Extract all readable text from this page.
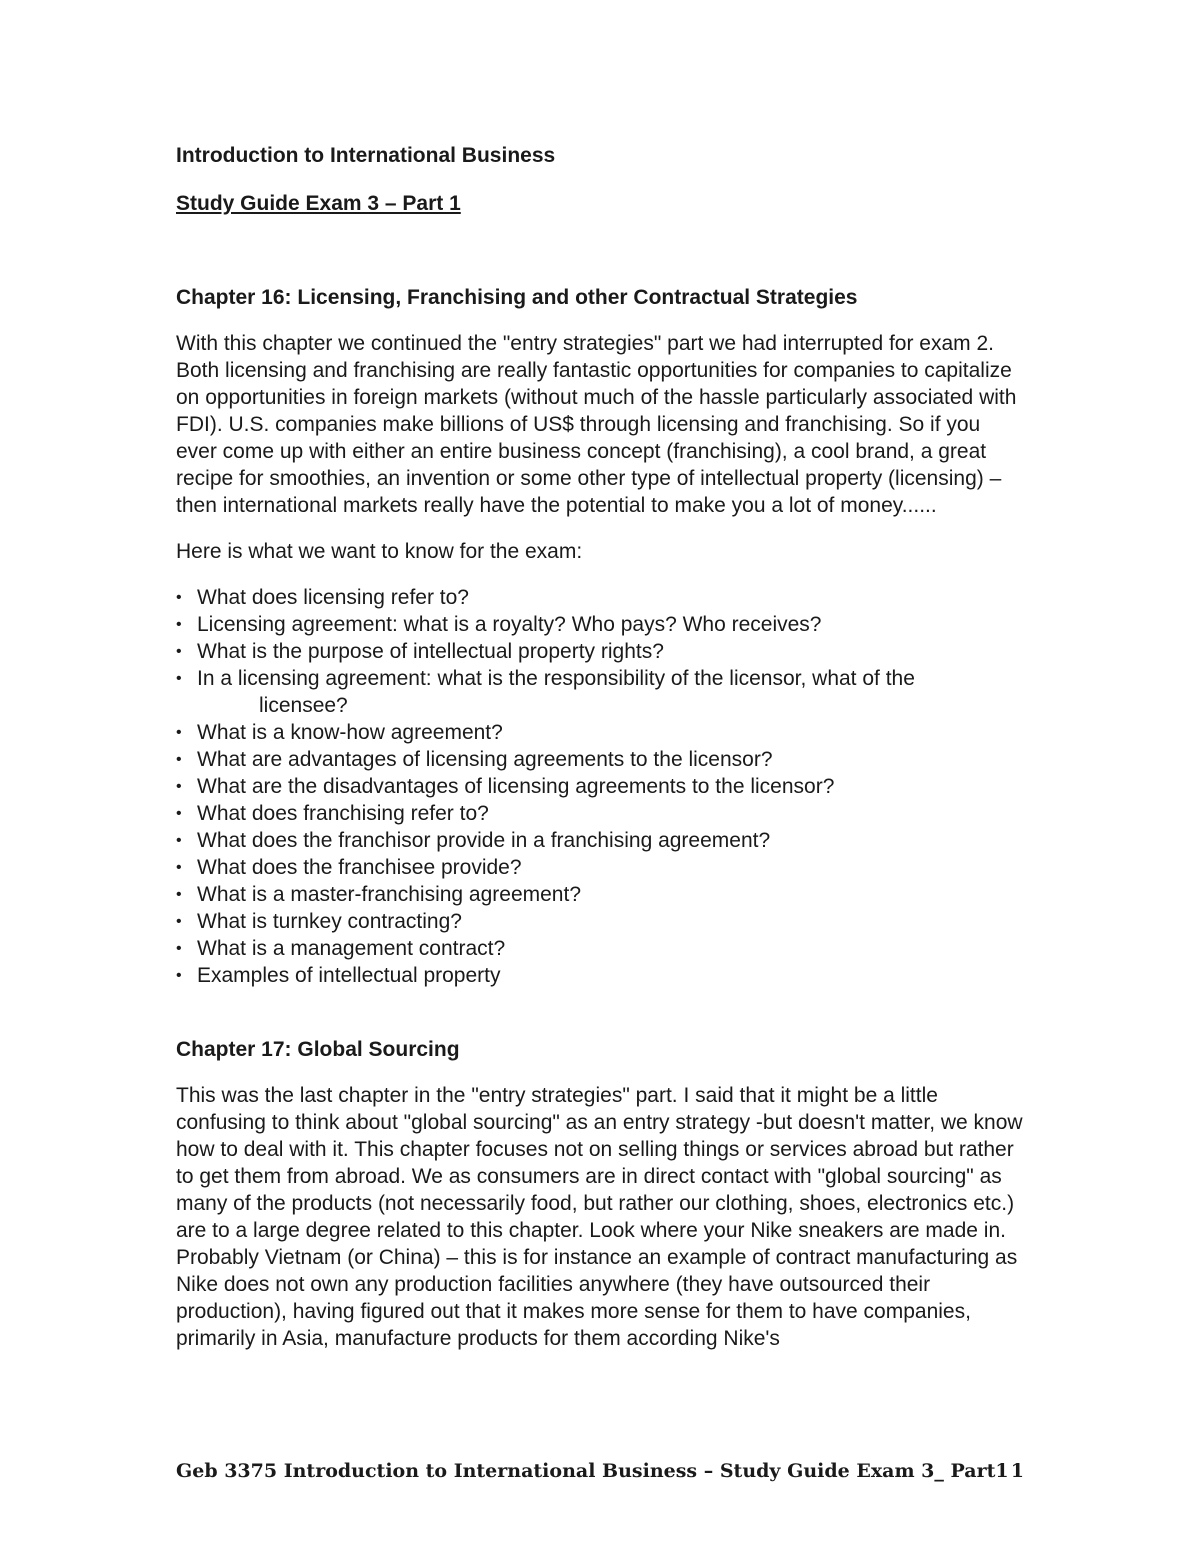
Introduction to International Business
Study Guide Exam 3 – Part 1
Chapter 16: Licensing, Franchising and other Contractual Strategies

With this chapter we continued the "entry strategies" part we had interrupted for exam 2. Both licensing and franchising are really fantastic opportunities for companies to capitalize on opportunities in foreign markets (without much of the hassle particularly associated with FDI). U.S. companies make billions of US$ through licensing and franchising. So if you ever come up with either an entire business concept (franchising), a cool brand, a great recipe for smoothies, an invention or some other type of intellectual property (licensing) – then international markets really have the potential to make you a lot of money......

Here is what we want to know for the exam:

• What does licensing refer to?
• Licensing agreement: what is a royalty? Who pays? Who receives?
• What is the purpose of intellectual property rights?
• In a licensing agreement: what is the responsibility of the licensor, what of the
licensee?
• What is a know-how agreement?
• What are advantages of licensing agreements to the licensor?
• What are the disadvantages of licensing agreements to the licensor?
• What does franchising refer to?
• What does the franchisor provide in a franchising agreement?
• What does the franchisee provide?
• What is a master-franchising agreement?
• What is turnkey contracting?
• What is a management contract?
• Examples of intellectual property
Chapter 17: Global Sourcing

This was the last chapter in the "entry strategies" part. I said that it might be a little confusing to think about "global sourcing" as an entry strategy -but doesn't matter, we know how to deal with it. This chapter focuses not on selling things or services abroad but rather to get them from abroad. We as consumers are in direct contact with "global sourcing" as many of the products (not necessarily food, but rather our clothing, shoes, electronics etc.) are to a large degree related to this chapter. Look where your Nike sneakers are made in. Probably Vietnam (or China) – this is for instance an example of contract manufacturing as Nike does not own any production facilities anywhere (they have outsourced their production), having figured out that it makes more sense for them to have companies, primarily in Asia, manufacture products for them according Nike's

Geb 3375 Introduction to International Business – Study Guide Exam 3_ Part1 1
